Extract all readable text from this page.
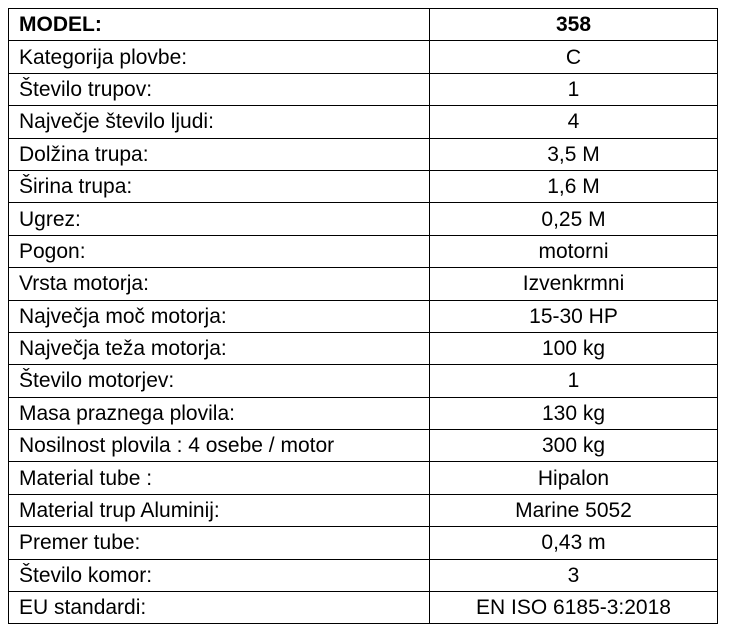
MODEL:	358
Kategorija plovbe:	C
Število trupov:	1
Največje število ljudi:	4
Dolžina trupa:	3,5 M
Širina trupa:	1,6 M
Ugrez:	0,25 M
Pogon:	motorni
Vrsta motorja:	Izvenkrmni
Največja moč motorja:	15-30 HP
Največja teža motorja:	100 kg
Število motorjev:	1
Masa praznega plovila:	130 kg
Nosilnost plovila : 4 osebe / motor	300 kg
Material tube :	Hipalon
Material trup Aluminij:	Marine 5052
Premer tube:	0,43 m
Število komor:	3
EU standardi:	EN ISO 6185-3:2018
